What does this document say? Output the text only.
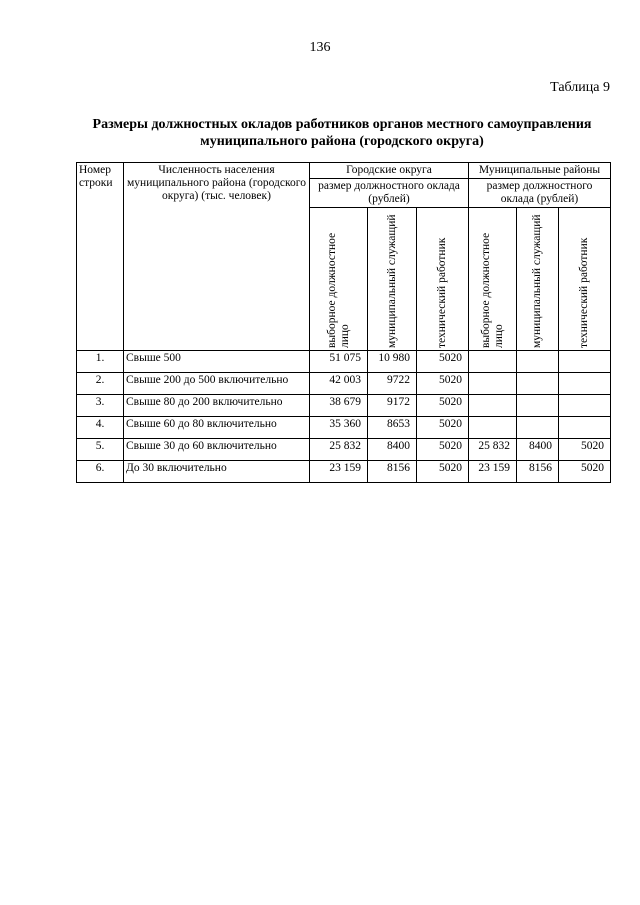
136
Таблица 9
Размеры должностных окладов работников органов местного самоуправления муниципального района (городского округа)
Номер строки	Численность населения муниципального района (городского округа) (тыс. человек)	Городские округа			Муниципальные районы		
		размер должностного оклада (рублей)			размер должностного оклада (рублей)		

		выборное должностное лицо	муниципальный служащий	технический работник	выборное должностное лицо	муниципальный служащий	технический работник

1.	Свыше 500	51 075	10 980	5020			
2.	Свыше 200 до 500 включительно	42 003	9722	5020			
3.	Свыше 80 до 200 включительно	38 679	9172	5020			
4.	Свыше 60 до 80 включительно	35 360	8653	5020			
5.	Свыше 30 до 60 включительно	25 832	8400	5020	25 832	8400	5020
6.	До 30 включительно	23 159	8156	5020	23 159	8156	5020
